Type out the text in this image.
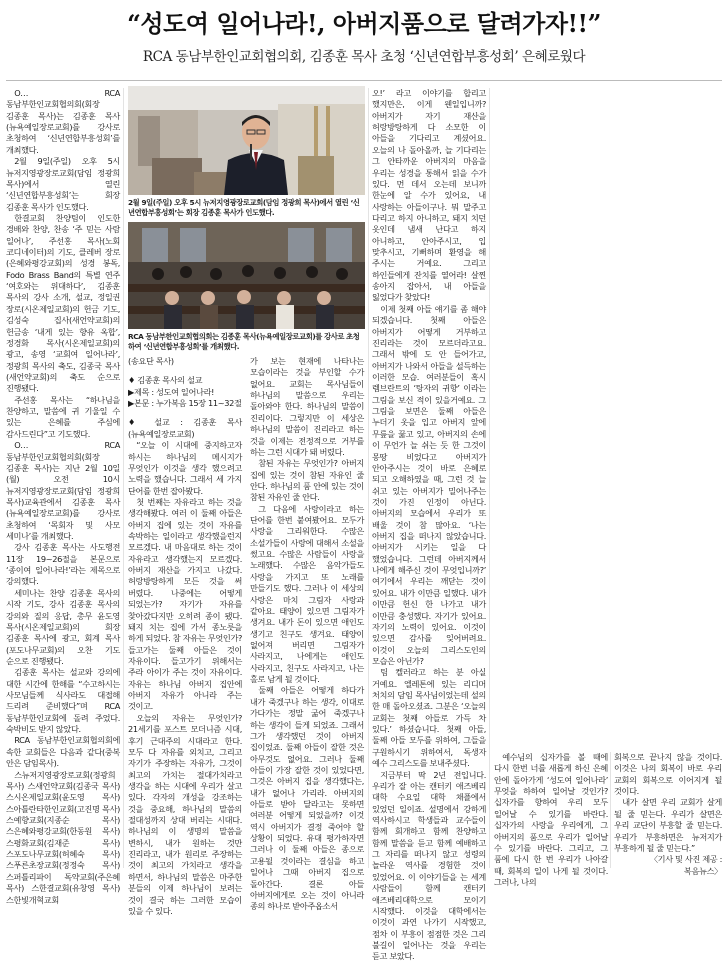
“성도여 일어나라!, 아버지품으로 달려가자!!”
RCA 동남부한인교회협의회, 김종훈 목사 초청 ‘신년연합부흥성회’ 은혜로웠다

O… RCA 동남부한인교회협의회(회장 김종훈 목사)는 김종훈 목사(뉴욕예일장로교회)를 강사로 초청하여 ‘신년연합부흥성회’를 개최했다.

2월 9일(주일) 오후 5시 뉴저지영광장로교회(담임 정광희 목사)에서 열린 ‘신년연합부흥성회’는 회장 김종훈 목사가 인도했다.

한결교회 찬양팀이 인도한 경배와 찬양, 찬송 ‘주 믿는 사람 일어나’, 주선홍 목사(노회 코디네이터)의 기도, 클레버 장로(은혜와평강교회)의 성경 봉독, Fodo Brass Band의 특별 연주 ‘여호와는 위대하다’, 김종훈 목사의 강사 소개, 설교, 정일권 장로(시온제일교회)의 헌금 기도, 김성숙 집사(새언약교회)의 헌금송 ‘내게 있는 향유 옥합’, 정경화 목사(시온제일교회)의 광고, 송영 ‘교회여 일어나라’, 정광희 목사의 축도, 김종국 목사(새언약교회)의 축도 순으로 진행됐다.

주선홍 목사는 “하나님을 찬양하고, 말씀에 귀 기울일 수 있는 은혜를 주심에 감사드린다”고 기도했다.

O… RCA 동남부한인교회협의회(회장 김종훈 목사)는 지난 2월 10일(월) 오전 10시 뉴저지영광장로교회(담임 정광희 목사)교육관에서 김종훈 목사(뉴욕예일장로교회)를 강사로 초청하여 ‘목회자 및 사모 세미나’를 개최했다.

강사 김종훈 목사는 사도행전 11장 19~26절을 본문으로 ‘종이여 일어나라!’라는 제목으로 강의했다.

세미나는 찬양 김종훈 목사의 시작 기도, 강사 김종훈 목사의 강의와 질의 응답, 총무 윤도영 목사(시온제일교회)의 회장 김종훈 목사에 광고, 회계 목사(포도나무교회)의 오찬 기도 순으로 진행됐다.

김종훈 목사는 설교와 강의에 대한 시간에 한해를 “수고하시는 사모님들께 식사라도 대접해 드리려 준비했다”며 RCA 동남부한인교회에 돌려 주었다. 숙박비도 받지 않았다.

RCA 동남부한인교회협의회에 속한 교회들은 다음과 같다(중복 안은 담임목사).

스뉴저지영광장로교회(정광희 목사) 스새언약교회(김종국 목사) 스시온제일교회(윤도영 목사) 스아틀란타한인교회(고진명 목사) 스예향교회(지종순 목사) 스은혜와평강교회(한동원 목사) 스평화교회(김재준 목사) 스포도나무교회(허혜숙 목사) 스푸른초장교회(정정숙 목사) 스퍼틀리파이 독약교회(주은혜 목사) 스한결교회(유창영 목사) 스한빛개혁교회

2월 9일(주일) 오후 5시 뉴저지영광장로교회(담임 정광희 목사)에서 열린 ‘신년연합부흥성회’는 회장 김종훈 목사가 인도했다.
RCA 동남부한인교회협의회는 김종훈 목사(뉴욕예일장로교회)를 강사로 초청하여 ‘신년연합부흥성회’를 개최했다.

(송요단 목사)

♦ 김종훈 목사의 설교

▶제목 : 성도여 일어나라!

▶본문 : 누가복음 15장 11~32절

♦ 설교 : 김종훈 목사 (뉴욕예일장로교회)

“오늘 이 시대에 중지하고자 하시는 하나님의 메시지가 무엇인가 이것을 생각 했으려고 노력을 했습니다. 그래서 세 가지 단어를 한번 잡아봤다.

첫 번째는 자유라고 하는 것을 생각해봤다. 여러 이 둘째 아들은 아버지 집에 있는 것이 자유를 속박하는 일이라고 생각했을런지 모르겠다. 내 마음대로 하는 것이 자유라고 생각했는지 모르겠다. 아버지 재산을 가지고 나갔다. 허랑방탕하게 모든 것을 써 버렸다. 나중에는 어떻게 되었는가? 자기가 자유를 찾아갔다지만 오히려 종이 됐다. 돼지 치는 집에 가서 종노릇을 하게 되었다. 참 자유는 무엇인가? 들고가는 둘째 아들은 것이 자유이다. 들고가기 위해서는 주라 아이가 주는 것이 자유이다. 자유는 하나님 아버지 집안에 아버지 자유가 아니라 주는 것이고.

오늘의 자유는 무엇인가? 21세기를 포스트 모더니즘 시대, 후기 근대주의 시대라고 한다. 모두 다 자유를 외치고, 그리고 자기가 주장하는 자유가, 그것이 최고의 가치는 절대가치라고 생각을 하는 시대에 우리가 살고 있다. 각자의 개성을 강조하는 것을 중요해, 하나님의 말씀의 절대성까지 상대 버리는 시대다. 하나님의 이 생명의 말씀을 변하시, 내가 원하는 것만 진리라고, 내가 원리로 주장하는 것이 최고의 가치라고 생각을 하면서, 하나님의 말씀은 마주한 분들의 이제 하나님이 보려는 것이 결국 하는 그러한 모습이 있을 수 있다.

가 보는 현재에 나타나는 모습이라는 것을 부인할 수가 없어요. 교회는 목사님들이 하나님의 말씀으로 우리는 돌아와야 한다. 하나님의 말씀이 진리이다. 그렇지만 이 세상은 하나님의 말씀이 진리라고 하는 것을 이제는 전정적으로 거부를 하는 그런 시대가 돼 버렸다.

참된 자유는 무엇인가? 아버지 집에 있는 것이 참된 자유인 줄 안다. 하나님의 품 안에 있는 것이 참된 자유인 줄 안다.

그 다음에 사랑이라고 하는 단어를 한번 붙여봤어요. 모두가 사랑을 그리워한다. 수많은 소설가들이 사랑에 대해서 소설을 썼고요. 수많은 사람들이 사랑을 노래했다. 수많은 음악가들도 사랑을 가지고 또 노래를 만들기도 했다. 그러나 이 세상의 사랑은 마치 그림자 사랑과 같아요. 태양이 있으면 그림자가 생겨요. 내가 돈이 있으면 애인도 생기고 친구도 생겨요. 태양이 없어져 버리면 그림자가 사라지고, 나에게는 애인도 사라지고, 친구도 사라지고, 나는 홀로 남게 될 것이다.

둘째 아들은 어떻게 하다가 내가 죽겠구나 하는 생각, 이대로 가다가는 정말 굶어 죽겠구나 하는 생각이 들게 되었죠. 그래서 그가 생각했던 것이 아버지 집이었죠. 둘째 아들이 잘한 것은 아무것도 없어요. 그러나 둘째 아들이 가장 잘한 것이 있었다면, 그것은 아버지 집을 생각했다는, 내가 없어나 가리라. 아버지의 아들로 받아 달라고는 못하면 여러분 어떻게 되었을까? 이것 역시 아버지가 결정 죽어야 할 상황이 되었다. 유대 평가하자면 그러나 이 둘째 아들은 종으로 고용될 것이라는 결심을 하고 일어나 그때 아버지 집으로 돌아간다. 결론 아들 아버지에게로 오는 것이 아니라 종의 하나로 받아주옵소서

오!’ 라고 이야기를 합리고 했지만은, 이게 웬일입니까? 아버지가 자기 재산을 허랑방탕하게 다 소모한 이 아들을 기다리고 계셨어요. 오늘의 나 돌아올까, 늘 기다리는 그 안타까운 아버지의 마음을 우리는 성경을 통해서 읽을 수가 있다. 먼 데서 오는데 보니까 한눈에 알 수가 있어요, 내 사랑하는 아들이구나. 뭐 말주고 다리고 하지 아니하고, 돼지 치던 옷인데 냄새 난다고 하지 아니하고, 안아주시고, 입 맞추시고, 기뻐하며 환영을 해 주시는 거예요. 그리고 하인들에게 잔치를 열어라! 살찐 송아지 잡아서, 내 아들을 잃었다가 찾았다!

이제 첫째 아들 얘기를 좀 해야 되겠습니다. 첫째 아들은 아버지가 어떻게 거부하고 진리라는 것이 모르더라고요. 그래서 밖에 도 안 들어가고, 아버지가 나와서 아들을 설득하는 이러한 모습. 여러분들이 혹시 렘브란트의 ‘탕자의 귀향’ 이라는 그림을 보신 적이 있을거예요. 그 그림을 보면은 둘째 아들은 누더기 옷을 입고 아버지 앞에 무릎을 꿇고 있고, 아버지의 손에 이 무언가 늘 쉬는 듯 한 그것이 몽땅 비었다고 아버지가 안아주시는 것이 바로 은혜로 되고 오해하였을 때, 그런 것 늘 쉬고 있는 아버지가 밀어나주는 것이 가진 인정이 아닌다. 아버지의 모습에서 우리가 또 배울 것이 참 많아요. ‘나는 아버지 집을 떠나지 않았습니다. 아버지가 시키는 일을 다 했었습니다. 그런데 아버지께서 나에게 해주신 것이 무엇입니까?’ 여기에서 우리는 깨닫는 것이 있어요. 내가 이만큼 일했다. 내가 이만큼 헌신 한 나가고 내가 이만큼 충성했다. 자기가 있어요. 자기의 노력이 있어요. 이것이 있으면 감사를 잊어버려요. 이것이 오늘의 그리스도인의 모습은 아닌가?

팀 켈러라고 하는 분 아실 거예요. 엘레톤에 있는 리디머 처치의 담임 목사님이었는데 설의 한 매 돌아오셨죠. 그분은 ‘오늘의 교회는 첫째 아들로 가득 차 있다.’ 하셨습니다. 첫째 아들, 둘째 아들 모두를 위하여, 그들을 구원하시기 위하여서, 독생자 예수 그리스도를 보내주셨다.

지금부터 딱 2년 전입니다. 우리가 잘 아는 캔터키 애즈베리 대학 수요일 대학 채플에서 있었던 일이죠. 설명에서 강하게 역사하시고 학생들과 교수들이 함께 회개하고 함께 찬양하고 함께 말씀을 듣고 함께 예배하고 그 자리를 떠나지 않고 성령의 놀라운 역사를 경험한 것이 있었어요. 이 이야기들을 는 세계 사람들이 함께 캔터키 애즈베리대학으로 모이기 시작했다. 이것을 대학에서는 이것이 과연 나가기 시작했고, 점차 이 부흥이 점점한 것은 그리 불길이 일어나는 것을 우리는 듣고 보았다.

예수님의 십자가를 볼 때에 다시 한번 너를 새롭게 하신 은혜 안에 돌아가게 ‘성도여 일어나라’ 무엇을 하하여 일어날 것인가? 십자가를 향하여 우리 모두 일어날 수 있기를 바란다. 십자가의 사랑을 우리에게, 그 아버지의 품으로 우리가 일어날 수 있기를 바란다. 그리고, 그 품에 다시 한 번 우리가 나아갈 때, 회복의 일이 나게 될 것이다. 그러나, 나의

회복으로 끝나지 않을 것이다. 이것은 나의 회복이 바로 우리 교회의 회복으로 이어지게 될 것이다.

내가 살면 우리 교회가 살게 될 줄 믿는다. 우리가 살면은 우리 교단이 부흥할 줄 믿는다. 우리가 부흥하면은 뉴저지가 부흥하게 될 줄 믿는다.”

〈기사 및 사진 제공 : 복음뉴스〉
